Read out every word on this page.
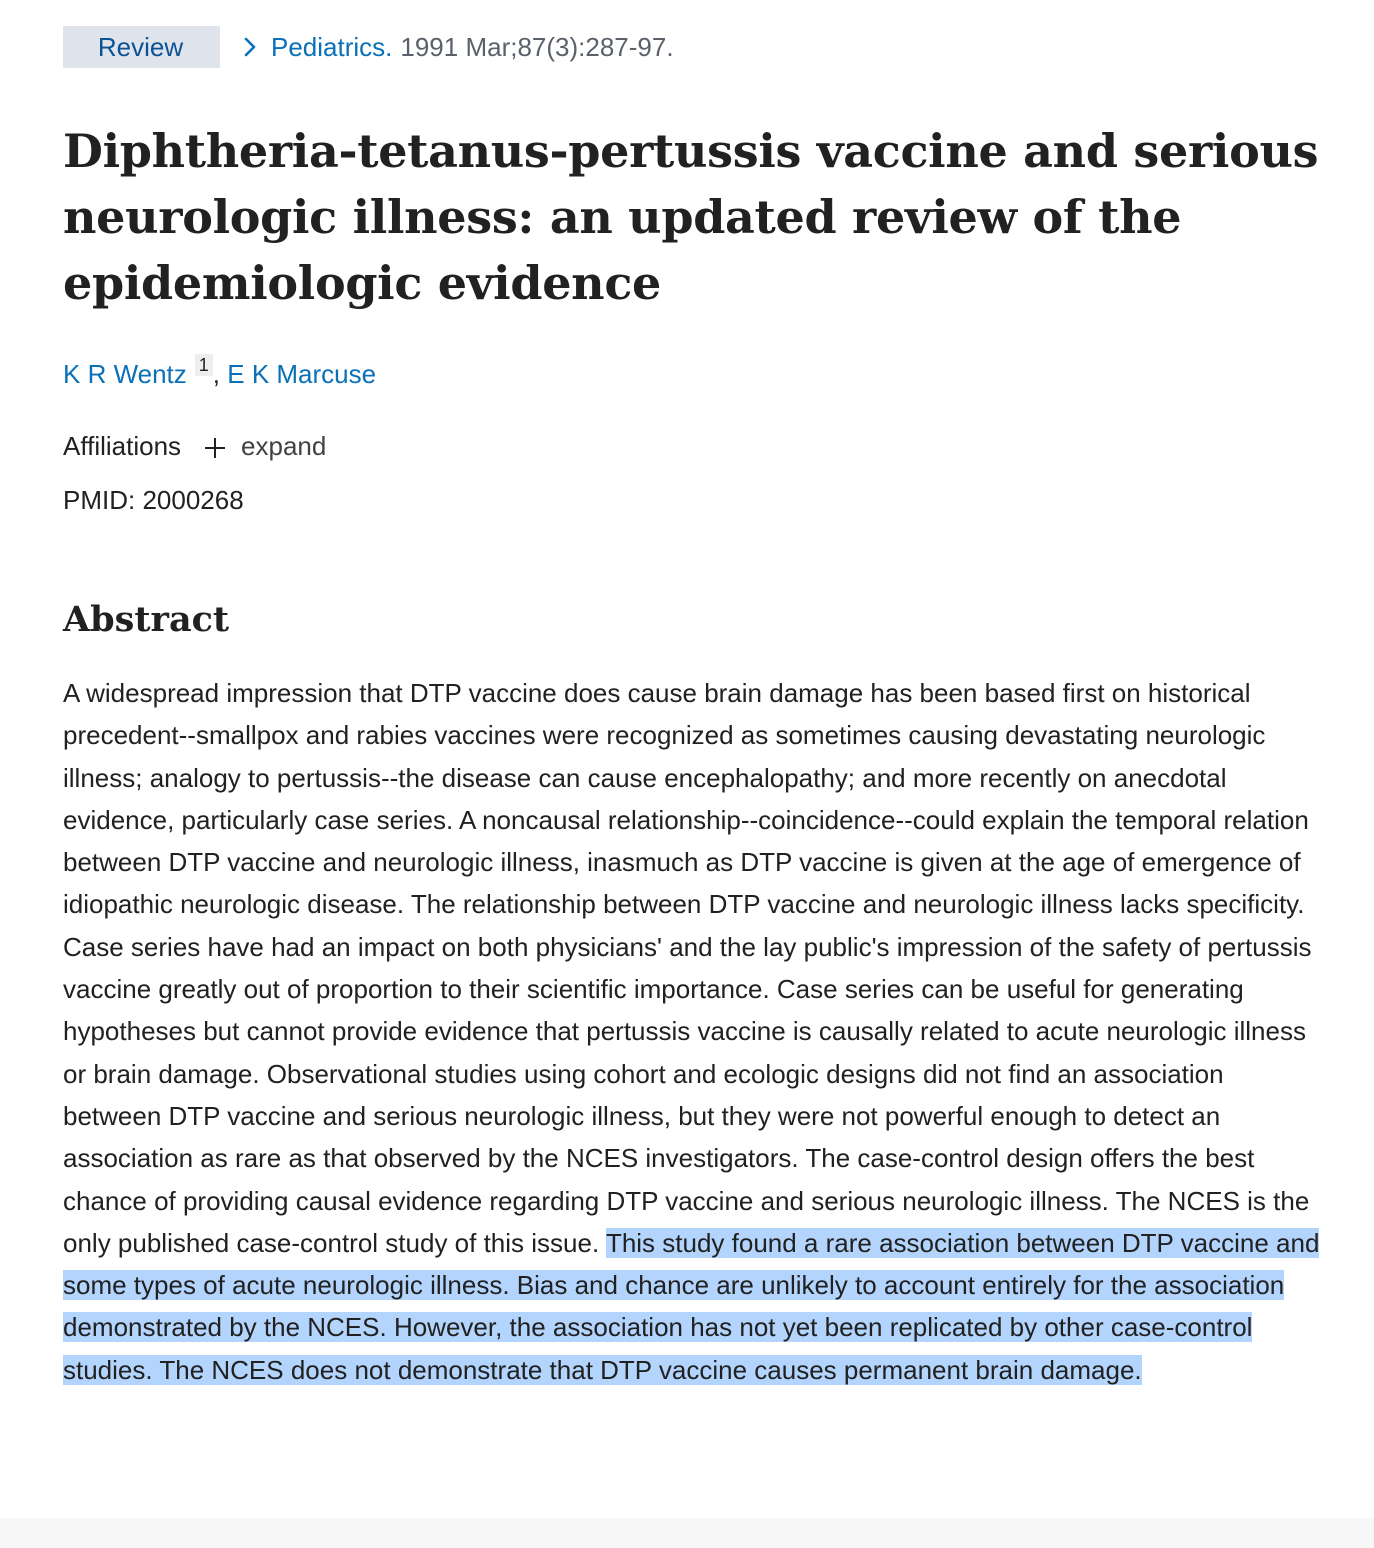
Review	Pediatrics. 1991 Mar;87(3):287-97.
Diphtheria-tetanus-pertussis vaccine and serious neurologic illness: an updated review of the epidemiologic evidence
K R Wentz 1 , E K Marcuse
Affiliations expand
PMID: 2000268
Abstract

A widespread impression that DTP vaccine does cause brain damage has been based first on historical precedent--smallpox and rabies vaccines were recognized as sometimes causing devastating neurologic illness; analogy to pertussis--the disease can cause encephalopathy; and more recently on anecdotal evidence, particularly case series. A noncausal relationship--coincidence--could explain the temporal relation between DTP vaccine and neurologic illness, inasmuch as DTP vaccine is given at the age of emergence of idiopathic neurologic disease. The relationship between DTP vaccine and neurologic illness lacks specificity. Case series have had an impact on both physicians' and the lay public's impression of the safety of pertussis vaccine greatly out of proportion to their scientific importance. Case series can be useful for generating hypotheses but cannot provide evidence that pertussis vaccine is causally related to acute neurologic illness or brain damage. Observational studies using cohort and ecologic designs did not find an association between DTP vaccine and serious neurologic illness, but they were not powerful enough to detect an association as rare as that observed by the NCES investigators. The case-control design offers the best chance of providing causal evidence regarding DTP vaccine and serious neurologic illness. The NCES is the only published case-control study of this issue. This study found a rare association between DTP vaccine and some types of acute neurologic illness. Bias and chance are unlikely to account entirely for the association demonstrated by the NCES. However, the association has not yet been replicated by other case-control studies. The NCES does not demonstrate that DTP vaccine causes permanent brain damage.
